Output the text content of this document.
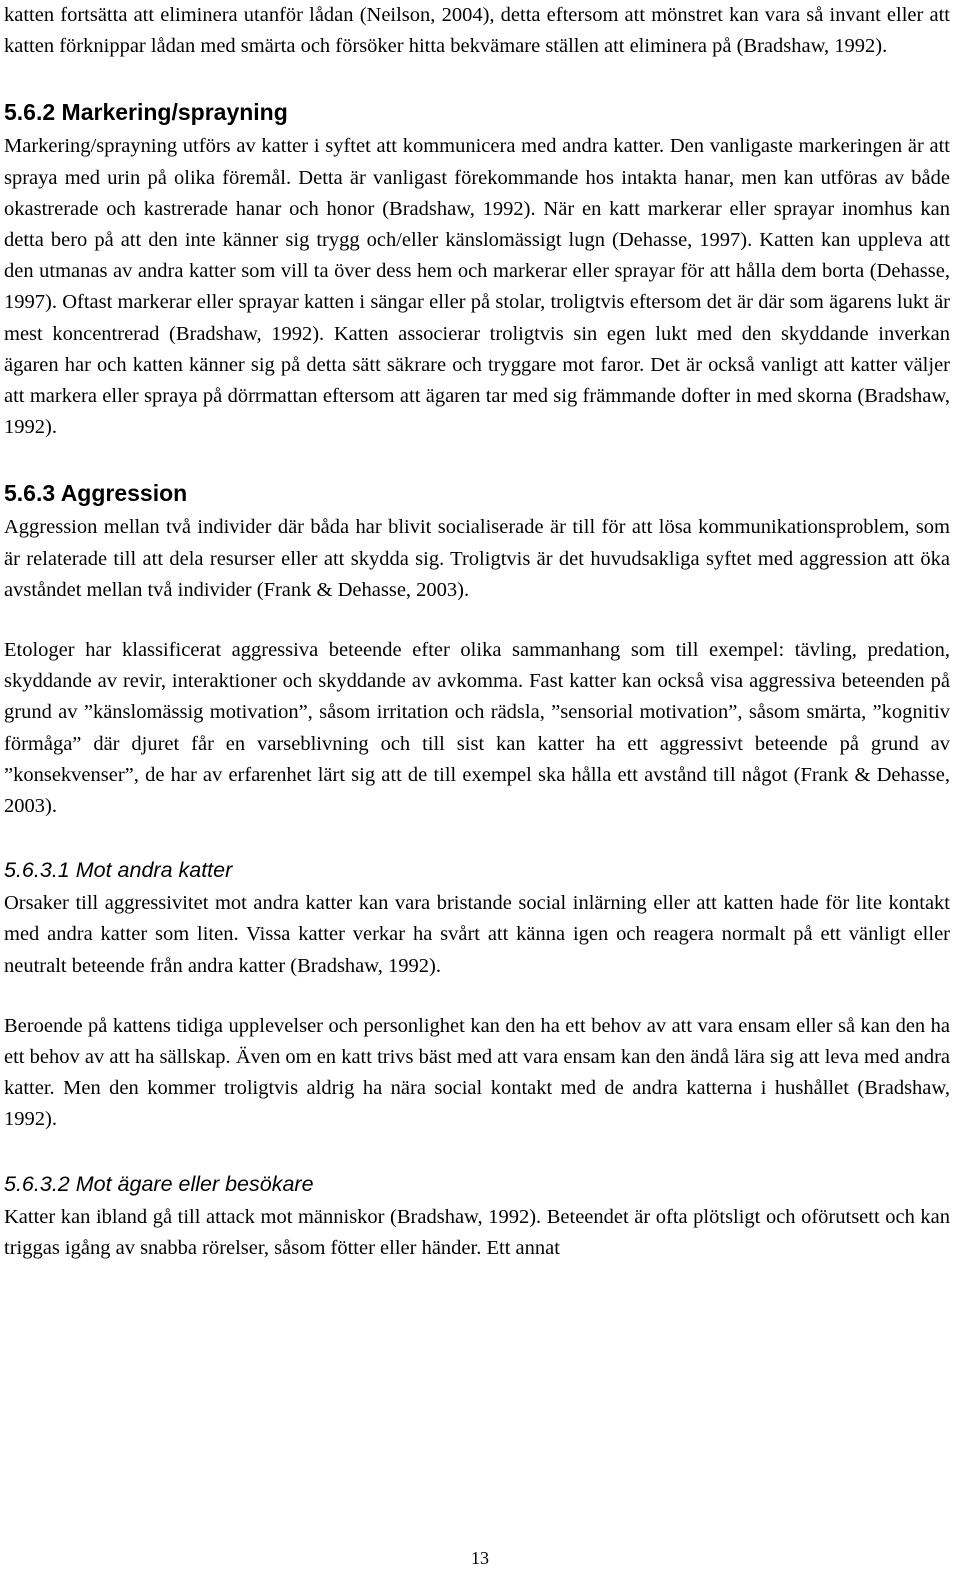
katten fortsätta att eliminera utanför lådan (Neilson, 2004), detta eftersom att mönstret kan vara så invant eller att katten förknippar lådan med smärta och försöker hitta bekvämare ställen att eliminera på (Bradshaw, 1992).

5.6.2 Markering/sprayning

Markering/sprayning utförs av katter i syftet att kommunicera med andra katter. Den vanligaste markeringen är att spraya med urin på olika föremål. Detta är vanligast förekommande hos intakta hanar, men kan utföras av både okastrerade och kastrerade hanar och honor (Bradshaw, 1992). När en katt markerar eller sprayar inomhus kan detta bero på att den inte känner sig trygg och/eller känslomässigt lugn (Dehasse, 1997). Katten kan uppleva att den utmanas av andra katter som vill ta över dess hem och markerar eller sprayar för att hålla dem borta (Dehasse, 1997). Oftast markerar eller sprayar katten i sängar eller på stolar, troligtvis eftersom det är där som ägarens lukt är mest koncentrerad (Bradshaw, 1992). Katten associerar troligtvis sin egen lukt med den skyddande inverkan ägaren har och katten känner sig på detta sätt säkrare och tryggare mot faror. Det är också vanligt att katter väljer att markera eller spraya på dörrmattan eftersom att ägaren tar med sig främmande dofter in med skorna (Bradshaw, 1992).

5.6.3 Aggression

Aggression mellan två individer där båda har blivit socialiserade är till för att lösa kommunikationsproblem, som är relaterade till att dela resurser eller att skydda sig. Troligtvis är det huvudsakliga syftet med aggression att öka avståndet mellan två individer (Frank & Dehasse, 2003).

Etologer har klassificerat aggressiva beteende efter olika sammanhang som till exempel: tävling, predation, skyddande av revir, interaktioner och skyddande av avkomma. Fast katter kan också visa aggressiva beteenden på grund av ”känslomässig motivation”, såsom irritation och rädsla, ”sensorial motivation”, såsom smärta, ”kognitiv förmåga” där djuret får en varseblivning och till sist kan katter ha ett aggressivt beteende på grund av ”konsekvenser”, de har av erfarenhet lärt sig att de till exempel ska hålla ett avstånd till något (Frank & Dehasse, 2003).

5.6.3.1 Mot andra katter

Orsaker till aggressivitet mot andra katter kan vara bristande social inlärning eller att katten hade för lite kontakt med andra katter som liten. Vissa katter verkar ha svårt att känna igen och reagera normalt på ett vänligt eller neutralt beteende från andra katter (Bradshaw, 1992).

Beroende på kattens tidiga upplevelser och personlighet kan den ha ett behov av att vara ensam eller så kan den ha ett behov av att ha sällskap. Även om en katt trivs bäst med att vara ensam kan den ändå lära sig att leva med andra katter. Men den kommer troligtvis aldrig ha nära social kontakt med de andra katterna i hushållet (Bradshaw, 1992).

5.6.3.2 Mot ägare eller besökare

Katter kan ibland gå till attack mot människor (Bradshaw, 1992). Beteendet är ofta plötsligt och oförutsett och kan triggas igång av snabba rörelser, såsom fötter eller händer. Ett annat

13
